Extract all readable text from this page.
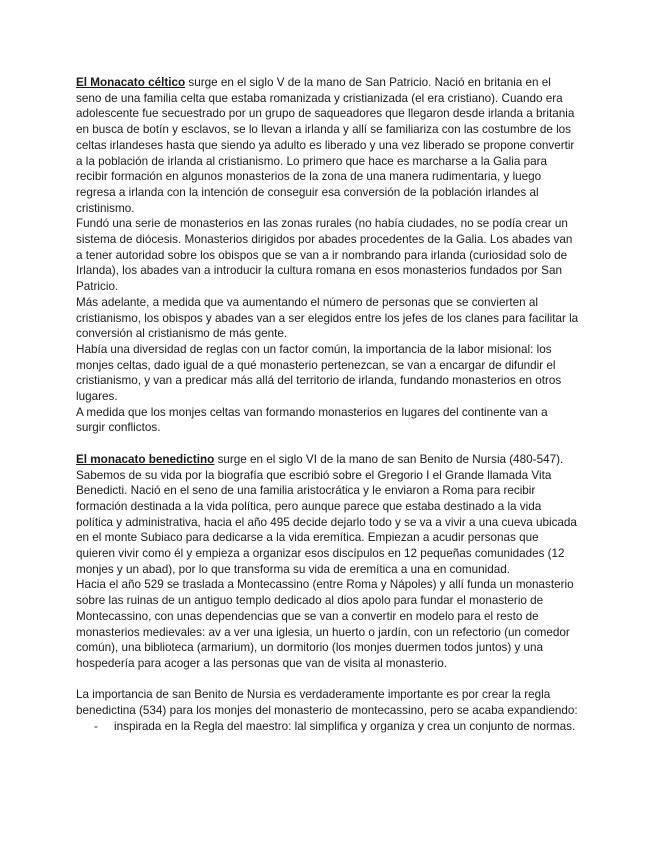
El Monacato céltico surge en el siglo V de la mano de San Patricio. Nació en britania en el seno de una familia celta que estaba romanizada y cristianizada (el era cristiano). Cuando era adolescente fue secuestrado por un grupo de saqueadores que llegaron desde irlanda a britania en busca de botín y esclavos, se lo llevan a irlanda y allí se familiariza con las costumbre de los celtas irlandeses hasta que siendo ya adulto es liberado y una vez liberado se propone convertir a la población de irlanda al cristianismo. Lo primero que hace es marcharse a la Galia para recibir formación en algunos monasterios de la zona de una manera rudimentaria, y luego regresa a irlanda con la intención de conseguir esa conversión de la población irlandes al cristinismo.

Fundó una serie de monasterios en las zonas rurales (no había ciudades, no se podía crear un sistema de diócesis. Monasterios dirigidos por abades procedentes de la Galia. Los abades van a tener autoridad sobre los obispos que se van a ir nombrando para irlanda (curiosidad solo de Irlanda), los abades van a introducir la cultura romana en esos monasterios fundados por San Patricio.

Más adelante, a medida que va aumentando el número de personas que se convierten al cristianismo, los obispos y abades van a ser elegidos entre los jefes de los clanes para facilitar la conversión al cristianismo de más gente.

Había una diversidad de reglas con un factor común, la importancia de la labor misional: los monjes celtas, dado igual de a qué monasterio pertenezcan, se van a encargar de difundir el cristianismo, y van a predicar más allá del territorio de irlanda, fundando monasterios en otros lugares.

A medida que los monjes celtas van formando monasterios en lugares del continente van a surgir conflictos.

El monacato benedictino surge en el siglo VI de la mano de san Benito de Nursia (480-547). Sabemos de su vida por la biografía que escribió sobre el Gregorio I el Grande llamada Vita Benedicti. Nació en el seno de una familia aristocrática y le enviaron a Roma para recibir formación destinada a la vida política, pero aunque parece que estaba destinado a la vida política y administrativa, hacia el año 495 decide dejarlo todo y se va a vivir a una cueva ubicada en el monte Subiaco para dedicarse a la vida eremítica. Empiezan a acudir personas que quieren vivir como él y empieza a organizar esos discípulos en 12 pequeñas comunidades (12 monjes y un abad), por lo que transforma su vida de eremítica a una en comunidad.

Hacia el año 529 se traslada a Montecassino (entre Roma y Nápoles) y allí funda un monasterio sobre las ruinas de un antiguo templo dedicado al dios apolo para fundar el monasterio de Montecassino, con unas dependencias que se van a convertir en modelo para el resto de monasterios medievales: av a ver una iglesia, un huerto o jardín, con un refectorio (un comedor común), una biblioteca (armarium), un dormitorio (los monjes duermen todos juntos) y una hospedería para acoger a las personas que van de visita al monasterio.

La importancia de san Benito de Nursia es verdaderamente importante es por crear la regla benedictina (534) para los monjes del monasterio de montecassino, pero se acaba expandiendo:

- inspirada en la Regla del maestro: lal simplifica y organiza y crea un conjunto de normas.
